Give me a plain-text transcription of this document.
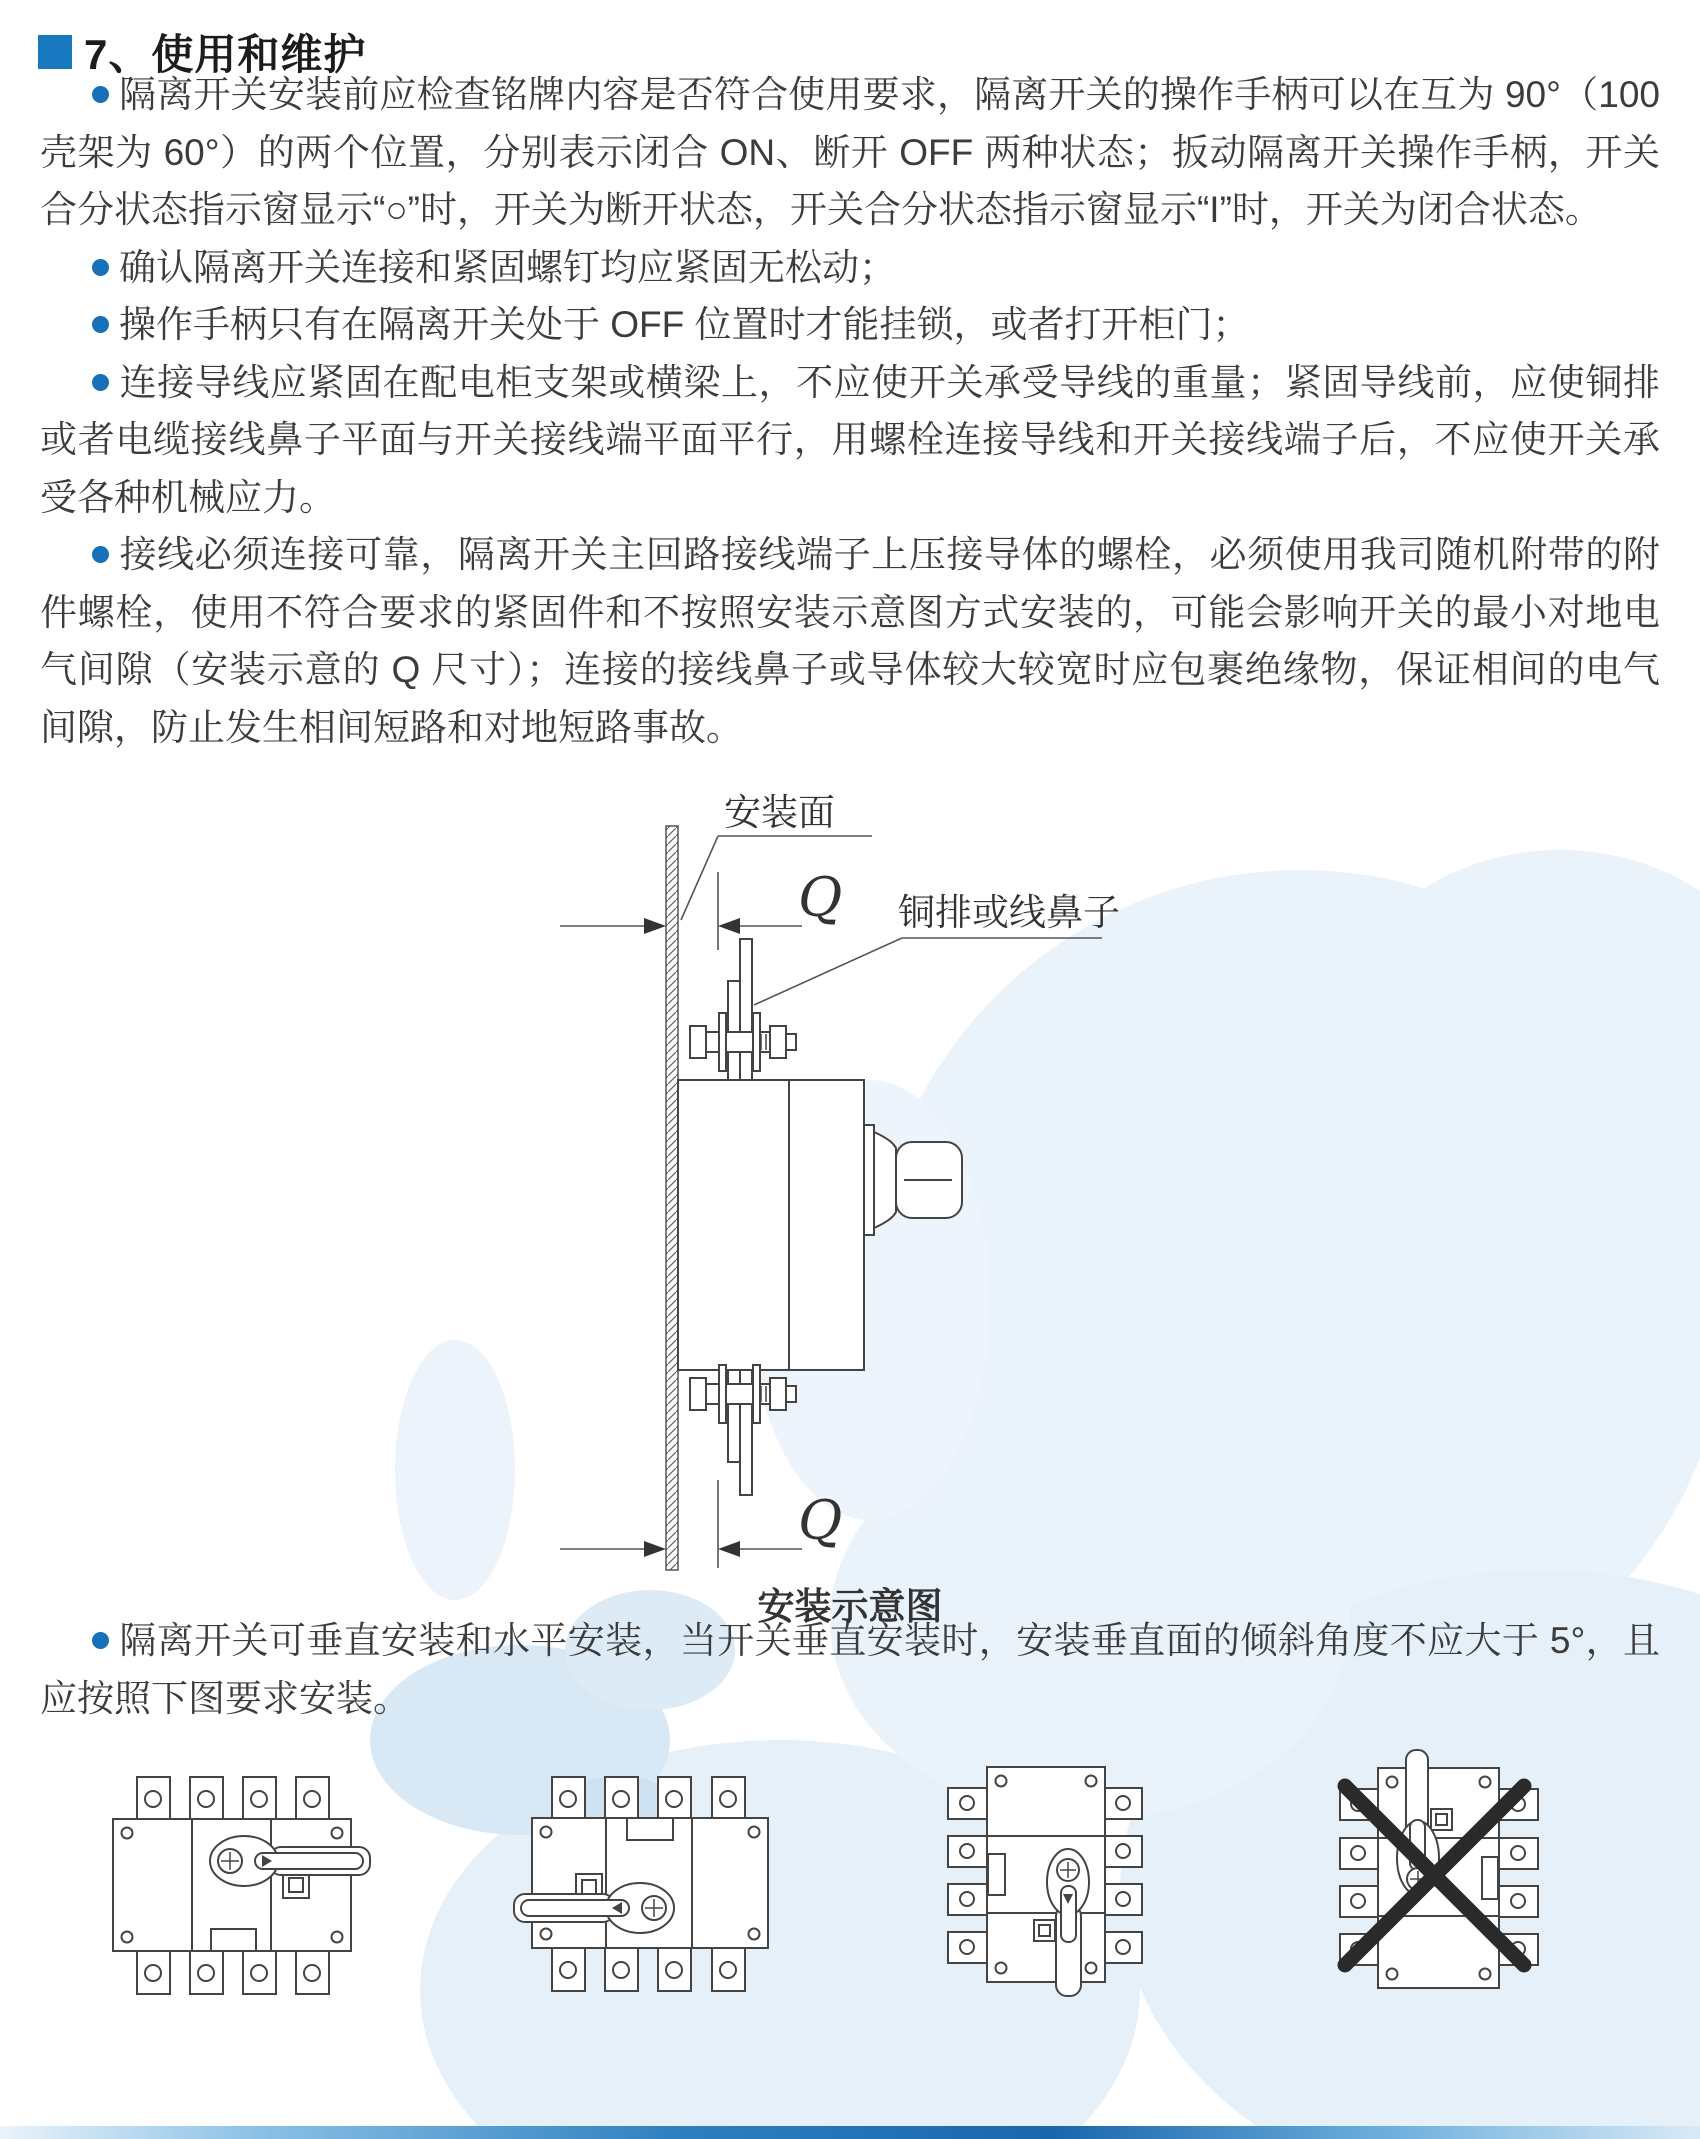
7、使用和维护

隔离开关安装前应检查铭牌内容是否符合使用要求，隔离开关的操作手柄可以在互为 90°（100 壳架为 60°）的两个位置，分别表示闭合 ON、断开 OFF 两种状态；扳动隔离开关操作手柄，开关合分状态指示窗显示“○”时，开关为断开状态，开关合分状态指示窗显示“I”时，开关为闭合状态。

确认隔离开关连接和紧固螺钉均应紧固无松动；

操作手柄只有在隔离开关处于 OFF 位置时才能挂锁，或者打开柜门；

连接导线应紧固在配电柜支架或横梁上，不应使开关承受导线的重量；紧固导线前，应使铜排或者电缆接线鼻子平面与开关接线端平面平行，用螺栓连接导线和开关接线端子后，不应使开关承受各种机械应力。

接线必须连接可靠，隔离开关主回路接线端子上压接导体的螺栓，必须使用我司随机附带的附件螺栓，使用不符合要求的紧固件和不按照安装示意图方式安装的，可能会影响开关的最小对地电气间隙（安装示意的 Q 尺寸）；连接的接线鼻子或导体较大较宽时应包裹绝缘物，保证相间的电气间隙，防止发生相间短路和对地短路事故。

Q
Q
安装面
铜排或线鼻子
安装示意图

隔离开关可垂直安装和水平安装，当开关垂直安装时，安装垂直面的倾斜角度不应大于 5°，且应按照下图要求安装。
